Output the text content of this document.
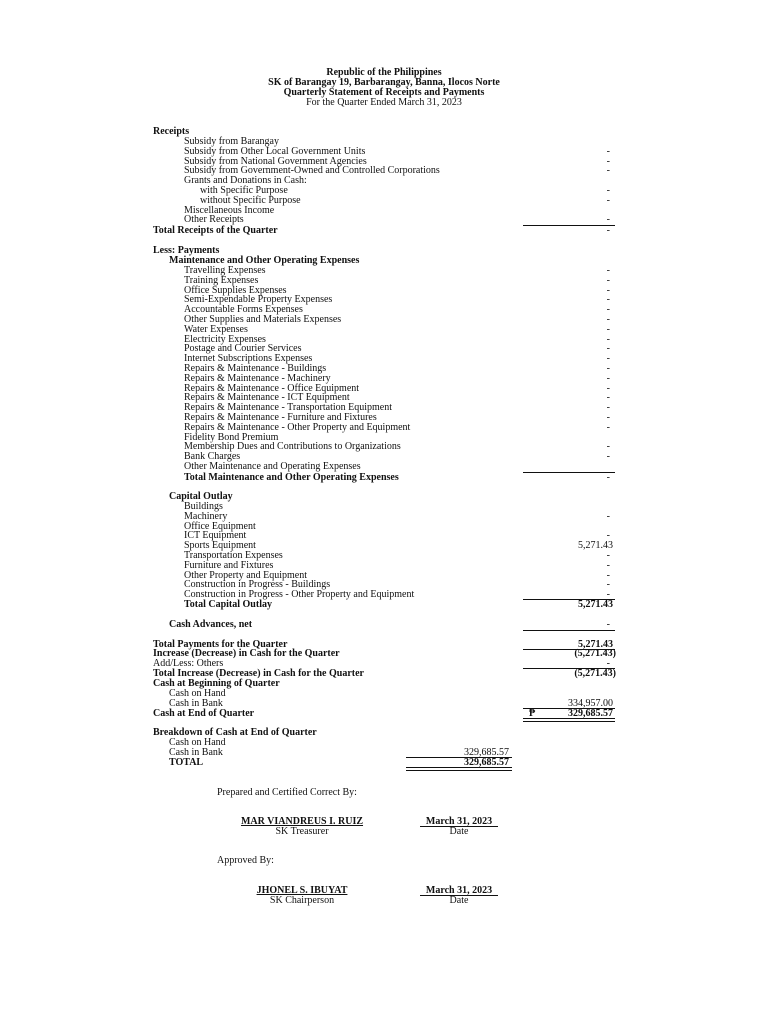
Republic of the Philippines
SK of Barangay 19, Barbarangay, Banna, Ilocos Norte
Quarterly Statement of Receipts and Payments
For the Quarter Ended March 31, 2023
Receipts
Subsidy from Barangay
Subsidy from Other Local Government Units	-
Subsidy from National Government Agencies	-
Subsidy from Government-Owned and Controlled Corporations	-
Grants and Donations in Cash:
with Specific Purpose	-
without Specific Purpose	-
Miscellaneous Income
Other Receipts	-
Total Receipts of the Quarter	-
Less: Payments
Maintenance and Other Operating Expenses
Travelling Expenses	-
Training Expenses	-
Office Supplies Expenses	-
Semi-Expendable Property Expenses	-
Accountable Forms Expenses	-
Other Supplies and Materials Expenses	-
Water Expenses	-
Electricity Expenses	-
Postage and Courier Services	-
Internet Subscriptions Expenses	-
Repairs & Maintenance - Buildings	-
Repairs & Maintenance - Machinery	-
Repairs & Maintenance - Office Equipment	-
Repairs & Maintenance - ICT Equipment	-
Repairs & Maintenance - Transportation Equipment	-
Repairs & Maintenance - Furniture and Fixtures	-
Repairs & Maintenance - Other Property and Equipment	-
Fidelity Bond Premium
Membership Dues and Contributions to Organizations	-
Bank Charges	-
Other Maintenance and Operating Expenses
Total Maintenance and Other Operating Expenses	-
Capital Outlay
Buildings
Machinery	-
Office Equipment
ICT Equipment	-
Sports Equipment	5,271.43
Transportation Expenses	-
Furniture and Fixtures	-
Other Property and Equipment	-
Construction in Progress - Buildings	-
Construction in Progress - Other Property and Equipment	-
Total Capital Outlay	5,271.43
Cash Advances, net	-
Total Payments for the Quarter	5,271.43
Increase (Decrease) in Cash for the Quarter	(5,271.43)
Add/Less: Others	-
Total Increase (Decrease) in Cash for the Quarter	(5,271.43)
Cash at Beginning of Quarter
Cash on Hand
Cash in Bank	334,957.00
Cash at End of Quarter	₱	329,685.57
Breakdown of Cash at End of Quarter
Cash on Hand
Cash in Bank	329,685.57
TOTAL	329,685.57
Prepared and Certified Correct By:
MAR VIANDREUS I. RUIZ
SK Treasurer
March 31, 2023
Date
Approved By:
JHONEL S. IBUYAT
SK Chairperson
March 31, 2023
Date
